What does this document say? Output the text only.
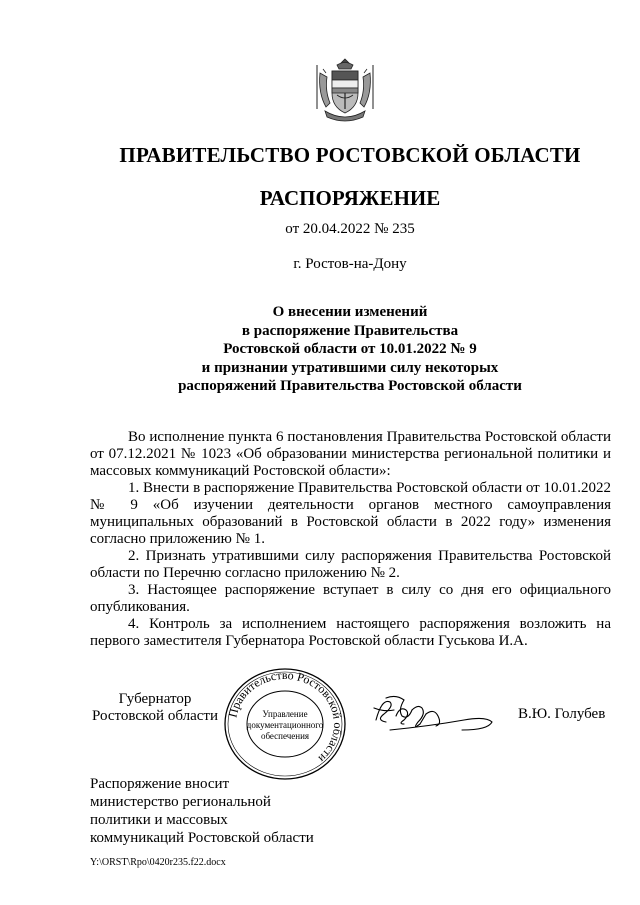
ПРАВИТЕЛЬСТВО РОСТОВСКОЙ ОБЛАСТИ
РАСПОРЯЖЕНИЕ
от 20.04.2022 № 235
г. Ростов-на-Дону
О внесении изменений
в распоряжение Правительства
Ростовской области от 10.01.2022 № 9
и признании утратившими силу некоторых
распоряжений Правительства Ростовской области

Во исполнение пункта 6 постановления Правительства Ростовской области от 07.12.2021 № 1023 «Об образовании министерства региональной политики и массовых коммуникаций Ростовской области»:

1. Внести в распоряжение Правительства Ростовской области от 10.01.2022 № 9 «Об изучении деятельности органов местного самоуправления муниципальных образований в Ростовской области в 2022 году» изменения согласно приложению № 1.

2. Признать утратившими силу распоряжения Правительства Ростовской области по Перечню согласно приложению № 2.

3. Настоящее распоряжение вступает в силу со дня его официального опубликования.

4. Контроль за исполнением настоящего распоряжения возложить на первого заместителя Губернатора Ростовской области Гуськова И.А.

Губернатор
Ростовской области Правительство Ростовской области
Управление
документационного
обеспечения
В.Ю. Голубев
Распоряжение вносит
министерство региональной
политики и массовых
коммуникаций Ростовской области
Y:\ORST\Rpo\0420r235.f22.docx
